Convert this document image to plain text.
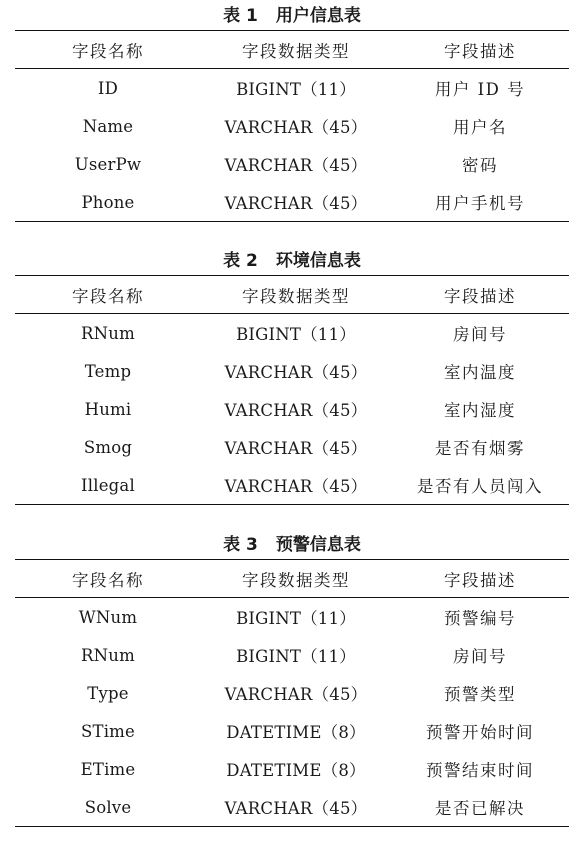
表 1 用户信息表
字段名称	字段数据类型	字段描述
ID	BIGINT（11）	用户 ID 号
Name	VARCHAR（45）	用户名
UserPw	VARCHAR（45）	密码
Phone	VARCHAR（45）	用户手机号
表 2 环境信息表
字段名称	字段数据类型	字段描述
RNum	BIGINT（11）	房间号
Temp	VARCHAR（45）	室内温度
Humi	VARCHAR（45）	室内湿度
Smog	VARCHAR（45）	是否有烟雾
Illegal	VARCHAR（45）	是否有人员闯入
表 3 预警信息表
字段名称	字段数据类型	字段描述
WNum	BIGINT（11）	预警编号
RNum	BIGINT（11）	房间号
Type	VARCHAR（45）	预警类型
STime	DATETIME（8）	预警开始时间
ETime	DATETIME（8）	预警结束时间
Solve	VARCHAR（45）	是否已解决
